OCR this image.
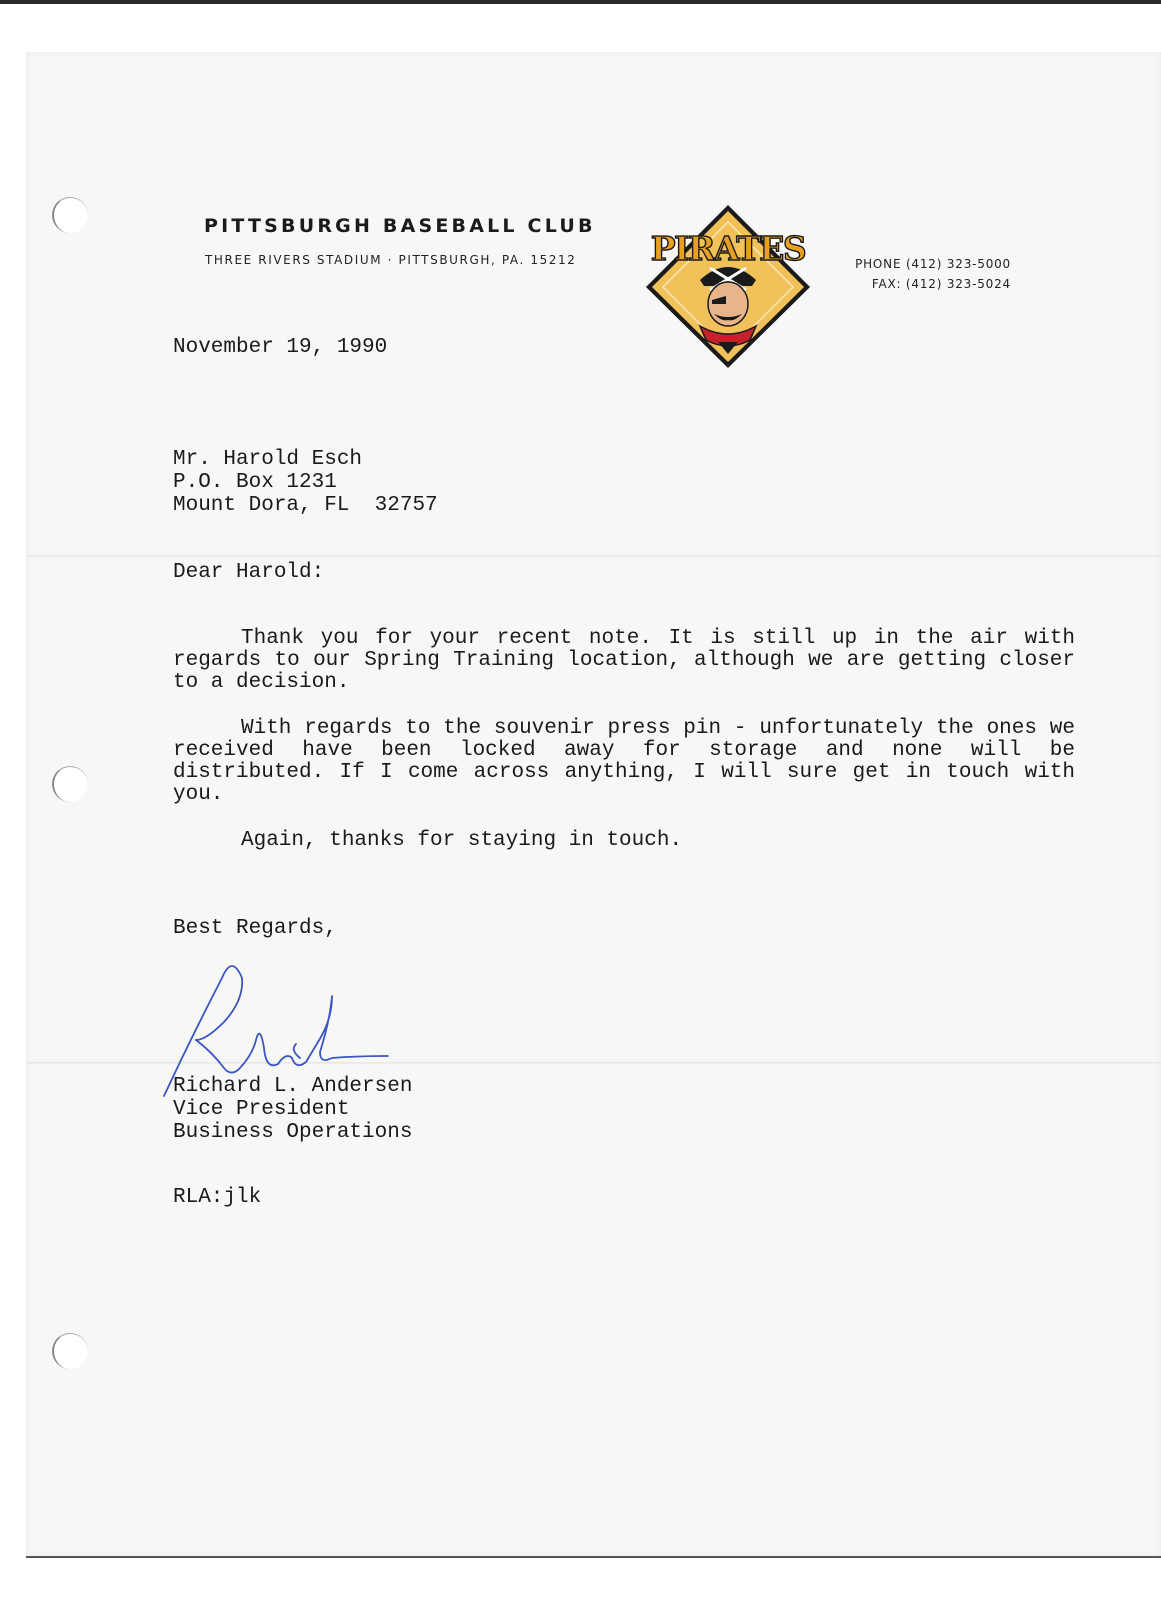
PITTSBURGH BASEBALL CLUB
THREE RIVERS STADIUM · PITTSBURGH, PA. 15212	PHONE (412) 323-5000
FAX: (412) 323-5024
PIRATES
November 19, 1990
Mr. Harold Esch
P.O. Box 1231
Mount Dora, FL  32757
Dear Harold:
Thank you for your recent note. It is still up in the air with regards to our Spring Training location, although we are getting closer to a decision.
With regards to the souvenir press pin - unfortunately the ones we received have been locked away for storage and none will be distributed. If I come across anything, I will sure get in touch with you.
Again, thanks for staying in touch.
Best Regards,
Richard L. Andersen
Vice President
Business Operations
RLA:jlk
